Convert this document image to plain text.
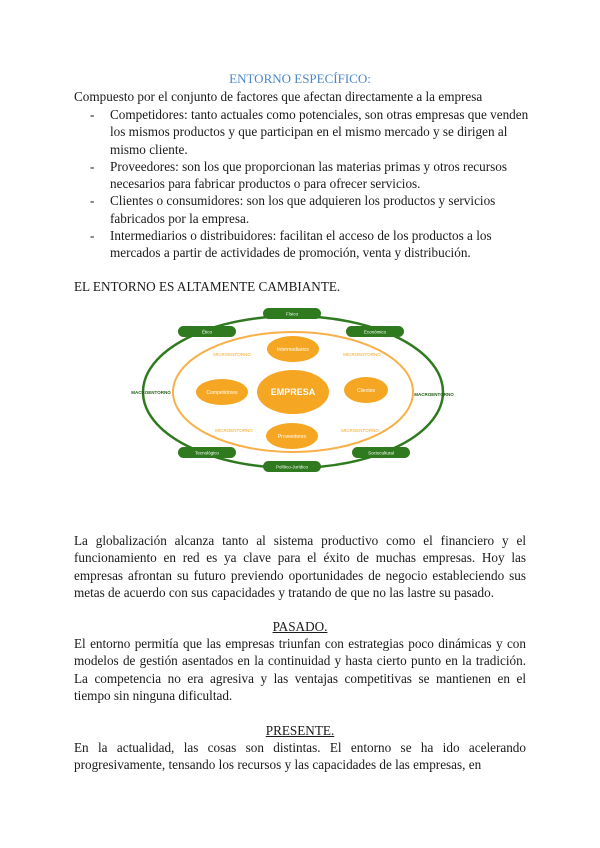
ENTORNO ESPECÍFICO:
Compuesto por el conjunto de factores que afectan directamente a la empresa
- Competidores: tanto actuales como potenciales, son otras empresas que venden los mismos productos y que participan en el mismo mercado y se dirigen al mismo cliente.
- Proveedores: son los que proporcionan las materias primas y otros recursos necesarios para fabricar productos o para ofrecer servicios.
- Clientes o consumidores: son los que adquieren los productos y servicios fabricados por la empresa.
- Intermediarios o distribuidores: facilitan el acceso de los productos a los mercados a partir de actividades de promoción, venta y distribución.
EL ENTORNO ES ALTAMENTE CAMBIANTE.
EMPRESA
Intermediarios
Competidores	Clientes
Proveedores
MICROENTORNO	MICROENTORNO
MICROENTORNO	MICROENTORNO
MACROENTORNO	MACROENTORNO
Físico
Ético	Económico
Tecnológico
Político-Jurídico
Sociocultural
La globalización alcanza tanto al sistema productivo como el financiero y el funcionamiento en red es ya clave para el éxito de muchas empresas. Hoy las empresas afrontan su futuro previendo oportunidades de negocio estableciendo sus metas de acuerdo con sus capacidades y tratando de que no las lastre su pasado.
PASADO.
El entorno permitía que las empresas triunfan con estrategias poco dinámicas y con modelos de gestión asentados en la continuidad y hasta cierto punto en la tradición. La competencia no era agresiva y las ventajas competitivas se mantienen en el tiempo sin ninguna dificultad.
PRESENTE.
En la actualidad, las cosas son distintas. El entorno se ha ido acelerando progresivamente, tensando los recursos y las capacidades de las empresas, en
